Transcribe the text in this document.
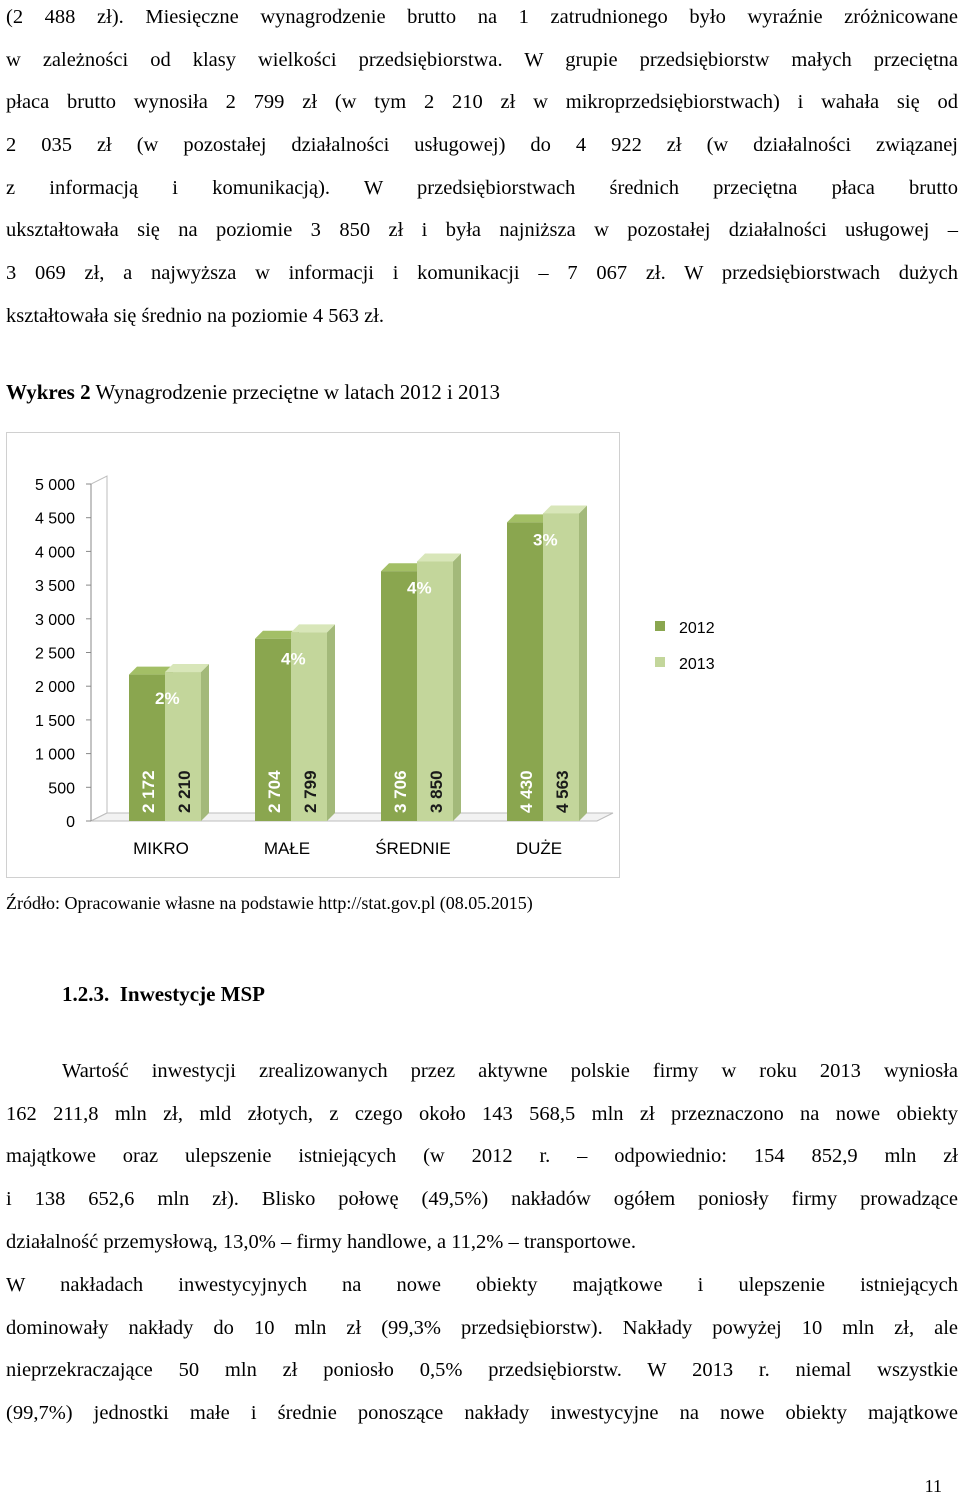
(2 488 zł). Miesięczne wynagrodzenie brutto na 1 zatrudnionego było wyraźnie zróżnicowane
w zależności od klasy wielkości przedsiębiorstwa. W grupie przedsiębiorstw małych przeciętna
płaca brutto wynosiła 2 799 zł (w tym 2 210 zł w mikroprzedsiębiorstwach) i wahała się od
2 035 zł (w pozostałej działalności usługowej) do 4 922 zł (w działalności związanej
z informacją i komunikacją). W przedsiębiorstwach średnich przeciętna płaca brutto
ukształtowała się na poziomie 3 850 zł i była najniższa w pozostałej działalności usługowej –
3 069 zł, a najwyższa w informacji i komunikacji – 7 067 zł. W przedsiębiorstwach dużych
kształtowała się średnio na poziomie 4 563 zł.
Wykres 2 Wynagrodzenie przeciętne w latach 2012 i 2013
0
500
1 000
1 500
2 000
2 500
3 000
3 500
4 000
4 500
5 000
2 172 2 210
2%
MIKRO
2 704 2 799
4%
MAŁE
3 706 3 850
4%
ŚREDNIE
4 430 4 563
3%
DUŻE
2012
2013
Źródło: Opracowanie własne na podstawie http://stat.gov.pl (08.05.2015)
1.2.3.  Inwestycje MSP
Wartość inwestycji zrealizowanych przez aktywne polskie firmy w roku 2013 wyniosła
162 211,8 mln zł, mld złotych, z czego około 143 568,5 mln zł przeznaczono na nowe obiekty
majątkowe oraz ulepszenie istniejących (w 2012 r. – odpowiednio: 154 852,9 mln zł
i 138 652,6 mln zł). Blisko połowę (49,5%) nakładów ogółem poniosły firmy prowadzące
działalność przemysłową, 13,0% – firmy handlowe, a 11,2% – transportowe.
W nakładach inwestycyjnych na nowe obiekty majątkowe i ulepszenie istniejących
dominowały nakłady do 10 mln zł (99,3% przedsiębiorstw). Nakłady powyżej 10 mln zł, ale
nieprzekraczające 50 mln zł poniosło 0,5% przedsiębiorstw. W 2013 r. niemal wszystkie
(99,7%) jednostki małe i średnie ponoszące nakłady inwestycyjne na nowe obiekty majątkowe
11
